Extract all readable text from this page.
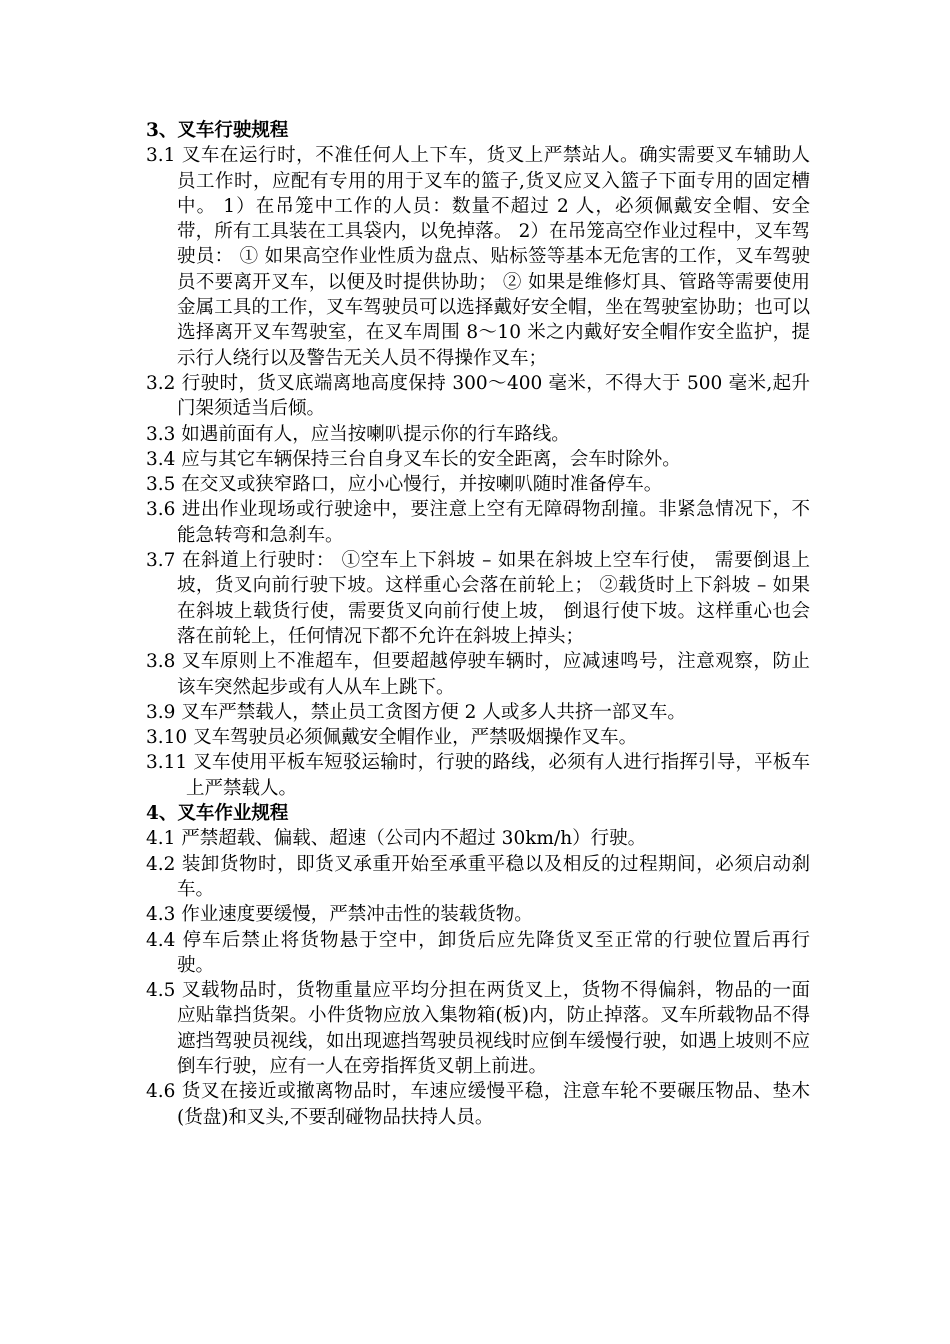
3、叉车行驶规程

3.1 叉车在运行时，不准任何人上下车，货叉上严禁站人。确实需要叉车辅助人员工作时，应配有专用的用于叉车的篮子,货叉应叉入篮子下面专用的固定槽中。 1）在吊笼中工作的人员：数量不超过 2 人，必须佩戴安全帽、安全带，所有工具装在工具袋内，以免掉落。 2）在吊笼高空作业过程中，叉车驾驶员： ① 如果高空作业性质为盘点、贴标签等基本无危害的工作，叉车驾驶员不要离开叉车，以便及时提供协助； ② 如果是维修灯具、管路等需要使用金属工具的工作，叉车驾驶员可以选择戴好安全帽，坐在驾驶室协助；也可以选择离开叉车驾驶室，在叉车周围 8～10 米之内戴好安全帽作安全监护，提示行人绕行以及警告无关人员不得操作叉车；

3.2 行驶时，货叉底端离地高度保持 300～400 毫米，不得大于 500 毫米,起升门架须适当后倾。

3.3 如遇前面有人，应当按喇叭提示你的行车路线。

3.4 应与其它车辆保持三台自身叉车长的安全距离，会车时除外。

3.5 在交叉或狭窄路口，应小心慢行，并按喇叭随时准备停车。

3.6 进出作业现场或行驶途中，要注意上空有无障碍物刮撞。非紧急情况下，不能急转弯和急刹车。

3.7 在斜道上行驶时： ①空车上下斜坡 – 如果在斜坡上空车行使， 需要倒退上坡，货叉向前行驶下坡。这样重心会落在前轮上； ②载货时上下斜坡 – 如果在斜坡上载货行使，需要货叉向前行使上坡， 倒退行使下坡。这样重心也会落在前轮上，任何情况下都不允许在斜坡上掉头；

3.8 叉车原则上不准超车，但要超越停驶车辆时，应减速鸣号，注意观察，防止该车突然起步或有人从车上跳下。

3.9 叉车严禁载人，禁止员工贪图方便 2 人或多人共挤一部叉车。

3.10 叉车驾驶员必须佩戴安全帽作业，严禁吸烟操作叉车。

3.11 叉车使用平板车短驳运输时，行驶的路线，必须有人进行指挥引导，平板车上严禁载人。

4、叉车作业规程

4.1 严禁超载、偏载、超速（公司内不超过 30km/h）行驶。

4.2 装卸货物时，即货叉承重开始至承重平稳以及相反的过程期间，必须启动刹车。

4.3 作业速度要缓慢，严禁冲击性的装载货物。

4.4 停车后禁止将货物悬于空中，卸货后应先降货叉至正常的行驶位置后再行驶。

4.5 叉载物品时，货物重量应平均分担在两货叉上，货物不得偏斜，物品的一面应贴靠挡货架。小件货物应放入集物箱(板)内，防止掉落。叉车所载物品不得遮挡驾驶员视线，如出现遮挡驾驶员视线时应倒车缓慢行驶，如遇上坡则不应倒车行驶，应有一人在旁指挥货叉朝上前进。

4.6 货叉在接近或撤离物品时，车速应缓慢平稳，注意车轮不要碾压物品、垫木(货盘)和叉头,不要刮碰物品扶持人员。
